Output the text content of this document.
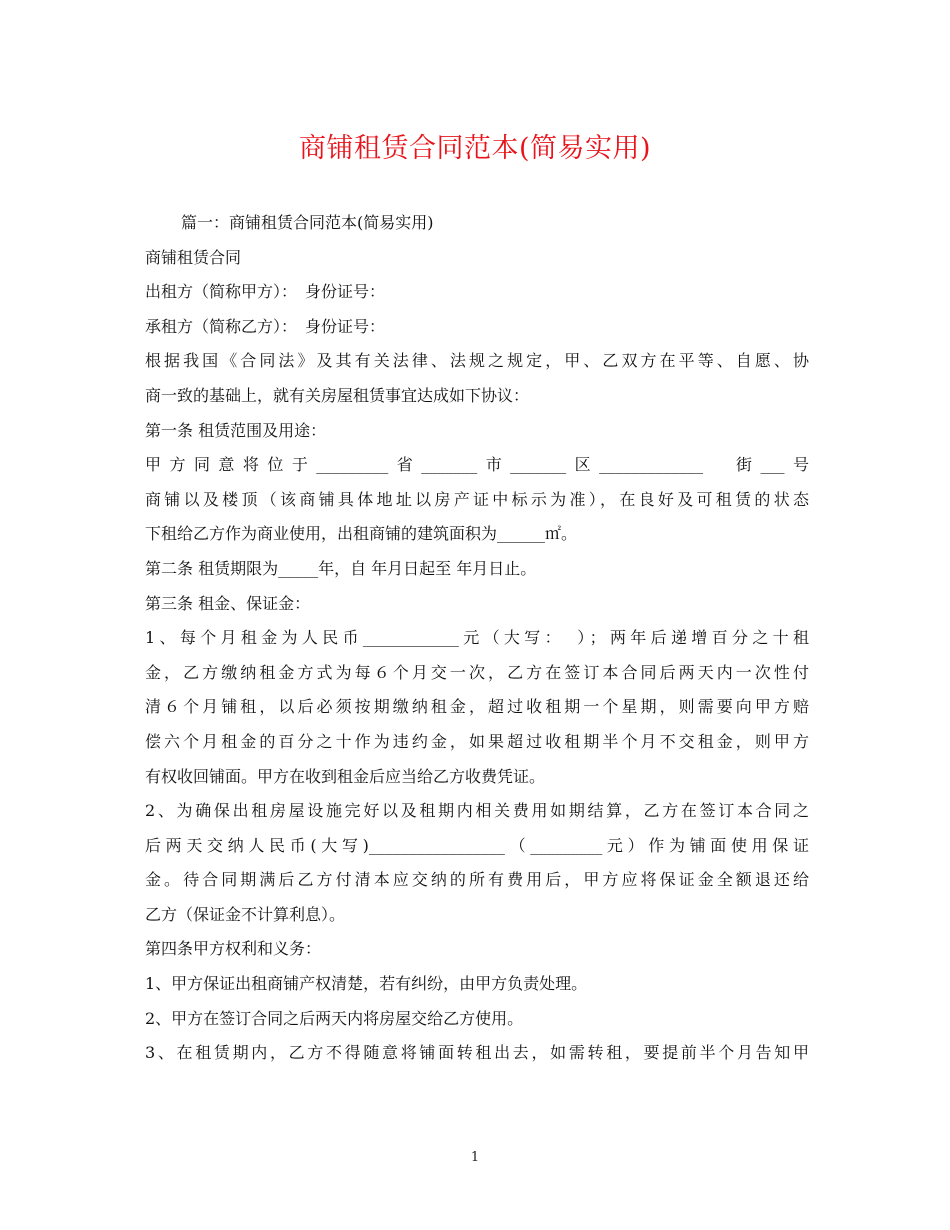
商铺租赁合同范本(简易实用)

篇一：商铺租赁合同范本(简易实用)

商铺租赁合同

出租方（简称甲方）：　身份证号：

承租方（简称乙方）：　身份证号：

根据我国《合同法》及其有关法律、法规之规定，甲、乙双方在平等、自愿、协

商一致的基础上，就有关房屋租赁事宜达成如下协议：

第一条 租赁范围及用途：

甲方同意将位于_________省_______市_______区_____________　街___号

商铺以及楼顶（该商铺具体地址以房产证中标示为准），在良好及可租赁的状态

下租给乙方作为商业使用，出租商铺的建筑面积为______㎡。

第二条 租赁期限为_____年，自 年月日起至 年月日止。

第三条 租金、保证金：

1、每个月租金为人民币____________元（大写：　）；两年后递增百分之十租

金，乙方缴纳租金方式为每６个月交一次，乙方在签订本合同后两天内一次性付

清６个月铺租，以后必须按期缴纳租金，超过收租期一个星期，则需要向甲方赔

偿六个月租金的百分之十作为违约金，如果超过收租期半个月不交租金，则甲方

有权收回铺面。甲方在收到租金后应当给乙方收费凭证。

2、为确保出租房屋设施完好以及租期内相关费用如期结算，乙方在签订本合同之

后两天交纳人民币(大写)_________________（_________元）作为铺面使用保证

金。待合同期满后乙方付清本应交纳的所有费用后，甲方应将保证金全额退还给

乙方（保证金不计算利息）。

第四条甲方权利和义务：

1、甲方保证出租商铺产权清楚，若有纠纷，由甲方负责处理。

2、甲方在签订合同之后两天内将房屋交给乙方使用。

3、在租赁期内，乙方不得随意将铺面转租出去，如需转租，要提前半个月告知甲

1
